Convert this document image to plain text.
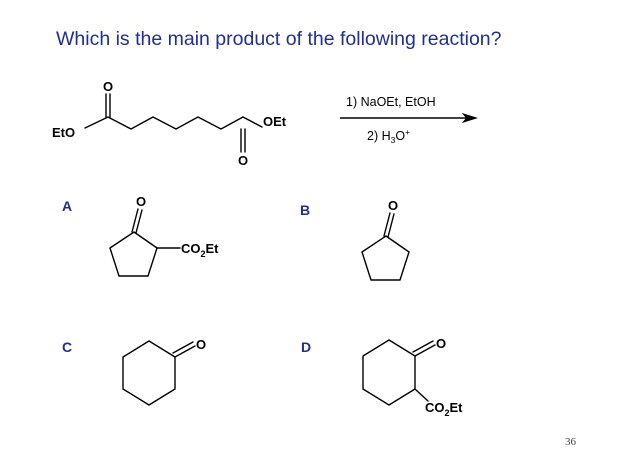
Which is the main product of the following reaction?
EtO
O
OEt
O
1) NaOEt, EtOH
2) H3O+
A	O
$CO_2^{Et}$
B	O
C	O	D	O
$CO_2^{Et}$
36
